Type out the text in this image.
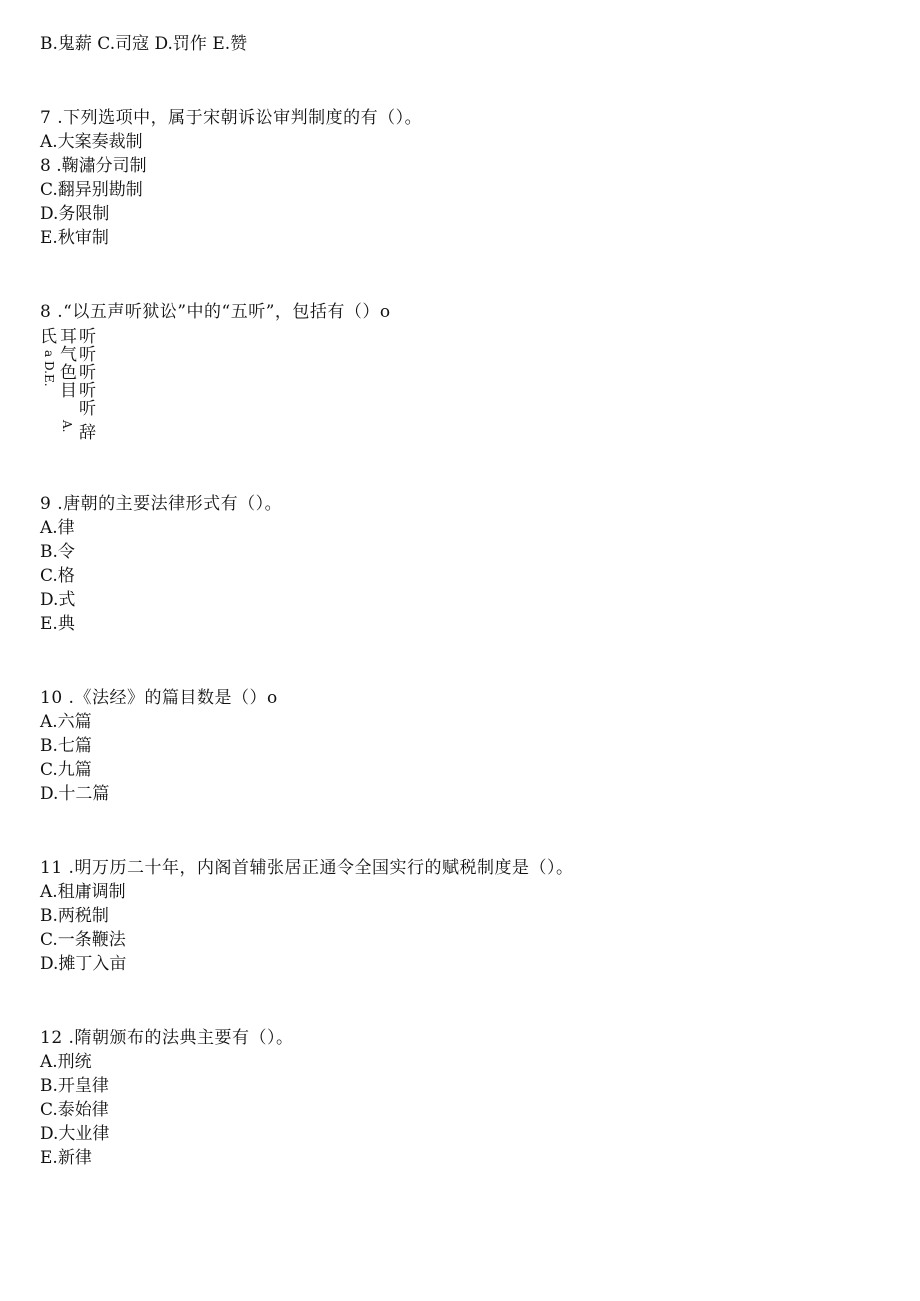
B.鬼薪 C.司寇 D.罚作 E.赞
7 .下列选项中，属于宋朝诉讼审判制度的有（）。
A.大案奏裁制
8 .鞠潚分司制
C.翻异别勘制
D.务限制
E.秋审制
8 .“以五声听狱讼”中的“五听”，包括有（）o
氏
a D.E.
耳
气
色
目
A.
听
听
听
听
听
辞
9 .唐朝的主要法律形式有（）。
A.律
B.令
C.格
D.式
E.典
10 .《法经》的篇目数是（）o
A.六篇
B.七篇
C.九篇
D.十二篇
11 .明万历二十年，内阁首辅张居正通令全国实行的赋税制度是（）。
A.租庸调制
B.两税制
C.一条鞭法
D.摊丁入亩
12 .隋朝颁布的法典主要有（）。
A.刑统
B.开皇律
C.泰始律
D.大业律
E.新律
